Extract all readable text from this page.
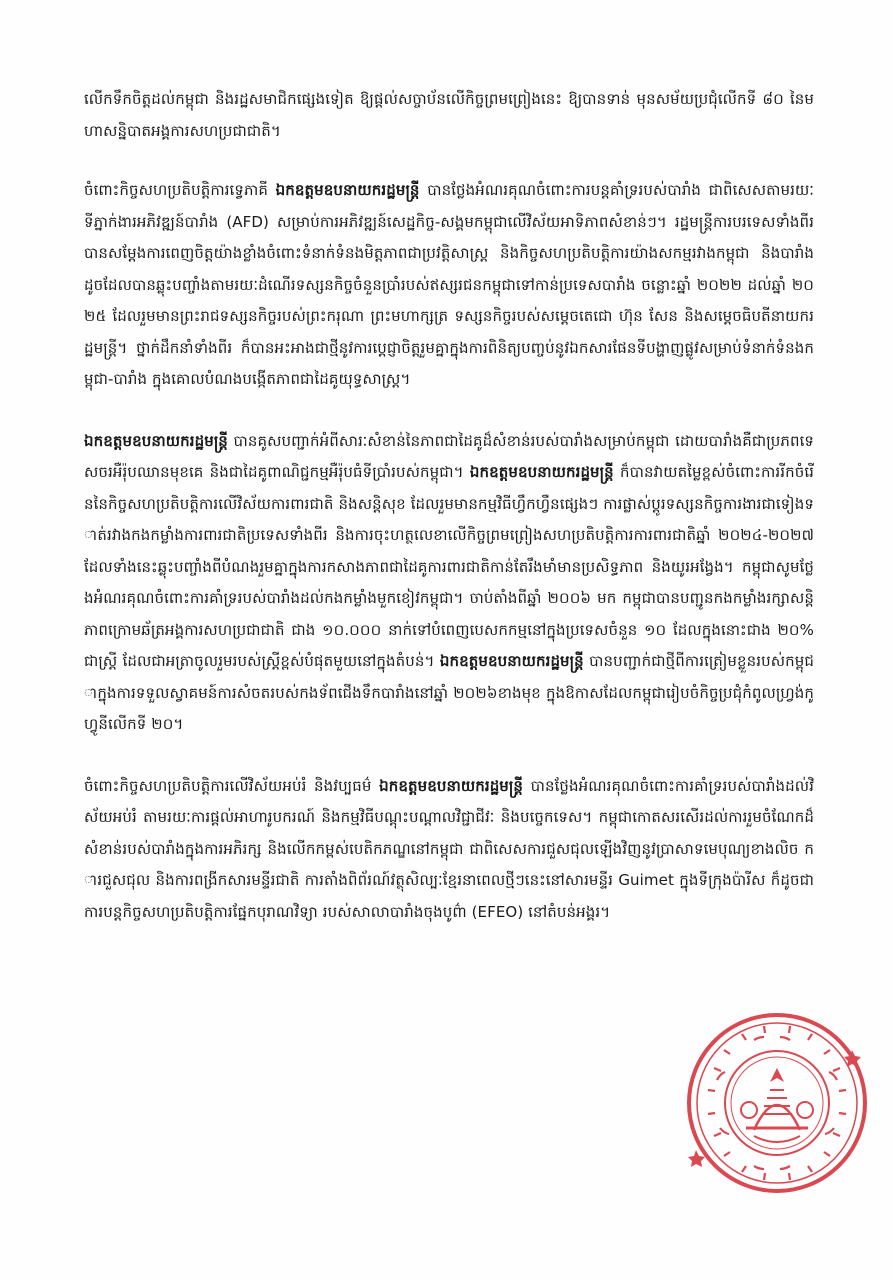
លើកទឹកចិត្តដល់កម្ពុជា និងរដ្ឋសមាជិកផ្សេងទៀត ឱ្យផ្ដល់សច្ចាប័នលើកិច្ចព្រមព្រៀងនេះ ឱ្យបានទាន់ មុនសម័យប្រជុំលើកទី ៨០ នៃមហាសន្និបាតអង្គការសហប្រជាជាតិ។

ចំពោះកិច្ចសហប្រតិបត្តិការទ្វេភាគី ឯកឧត្តមឧបនាយករដ្ឋមន្ត្រី បានថ្លែងអំណរគុណចំពោះការបន្តគាំទ្ររបស់បារាំង ជាពិសេសតាមរយៈទីភ្នាក់ងារអភិវឌ្ឍន៍បារាំង (AFD) សម្រាប់ការអភិវឌ្ឍន៍សេដ្ឋកិច្ច-សង្គមកម្ពុជាលើវិស័យអាទិភាពសំខាន់ៗ។ រដ្ឋមន្ត្រីការបរទេសទាំងពីរ បានសម្ដែងការពេញចិត្តយ៉ាងខ្លាំងចំពោះទំនាក់ទំនងមិត្តភាពជាប្រវត្តិសាស្ត្រ និងកិច្ចសហប្រតិបត្តិការយ៉ាងសកម្មរវាងកម្ពុជា និងបារាំង ដូចដែលបានឆ្លុះបញ្ចាំងតាមរយៈដំណើរទស្សនកិច្ចចំនួនប្រាំរបស់ឥស្សរជនកម្ពុជាទៅកាន់ប្រទេសបារាំង ចន្លោះឆ្នាំ ២០២២ ដល់ឆ្នាំ ២០២៥ ដែលរួមមានព្រះរាជទស្សនកិច្ចរបស់ព្រះករុណា ព្រះមហាក្សត្រ ទស្សនកិច្ចរបស់សម្ដេចតេជោ ហ៊ុន សែន និងសម្ដេចធិបតីនាយករដ្ឋមន្ត្រី។ ថ្នាក់ដឹកនាំទាំងពីរ ក៏បានអះអាងជាថ្មីនូវការប្ដេជ្ញាចិត្តរួមគ្នាក្នុងការពិនិត្យបញ្ចប់នូវឯកសារផែនទីបង្ហាញផ្លូវសម្រាប់ទំនាក់ទំនងកម្ពុជា-បារាំង ក្នុងគោលបំណងបង្កើតភាពជាដៃគូយុទ្ធសាស្ត្រ។

ឯកឧត្តមឧបនាយករដ្ឋមន្ត្រី បានគូសបញ្ជាក់អំពីសារៈសំខាន់នៃភាពជាដៃគូដ៏សំខាន់របស់បារាំងសម្រាប់កម្ពុជា ដោយបារាំងគឺជាប្រភពទេសចរអឺរ៉ុបឈានមុខគេ និងជាដៃគូពាណិជ្ជកម្មអឺរ៉ុបធំទីប្រាំរបស់កម្ពុជា។ ឯកឧត្តមឧបនាយករដ្ឋមន្ត្រី ក៏បានវាយតម្លៃខ្ពស់ចំពោះការរីកចំរើននៃកិច្ចសហប្រតិបត្តិការលើវិស័យការពារជាតិ និងសន្តិសុខ ដែលរួមមានកម្មវិធីហ្វឹកហ្វឺនផ្សេងៗ ការផ្លាស់ប្ដូរទស្សនកិច្ចការងារជាទៀងទាត់រវាងកងកម្លាំងការពារជាតិប្រទេសទាំងពីរ និងការចុះហត្ថលេខាលើកិច្ចព្រមព្រៀងសហប្រតិបត្តិការការពារជាតិឆ្នាំ ២០២៤-២០២៧ ដែលទាំងនេះឆ្លុះបញ្ចាំងពីបំណងរួមគ្នាក្នុងការកសាងភាពជាដៃគូការពារជាតិកាន់តែរឹងមាំមានប្រសិទ្ធភាព និងយូរអង្វែង។ កម្ពុជាសូមថ្លែងអំណរគុណចំពោះការគាំទ្ររបស់បារាំងដល់កងកម្លាំងមួកខៀវកម្ពុជា។ ចាប់តាំងពីឆ្នាំ ២០០៦ មក កម្ពុជាបានបញ្ជូនកងកម្លាំងរក្សាសន្តិភាពក្រោមឆ័ត្រអង្គការសហប្រជាជាតិ ជាង ១០.០០០ នាក់ទៅបំពេញបេសកកម្មនៅក្នុងប្រទេសចំនួន ១០ ដែលក្នុងនោះជាង ២០% ជាស្ត្រី ដែលជាអត្រាចូលរួមរបស់ស្ត្រីខ្ពស់បំផុតមួយនៅក្នុងតំបន់។ ឯកឧត្តមឧបនាយករដ្ឋមន្ត្រី បានបញ្ជាក់ជាថ្មីពីការត្រៀមខ្លួនរបស់កម្ពុជាក្នុងការទទួលស្វាគមន៍ការសំចតរបស់កងទ័ពជើងទឹកបារាំងនៅឆ្នាំ ២០២៦ខាងមុខ ក្នុងឱកាសដែលកម្ពុជារៀបចំកិច្ចប្រជុំកំពូលហ្វ្រង់កូហ្វូនីលើកទី ២០។

ចំពោះកិច្ចសហប្រតិបត្តិការលើវិស័យអប់រំ និងវប្បធម៌ ឯកឧត្តមឧបនាយករដ្ឋមន្ត្រី បានថ្លែងអំណរគុណចំពោះការគាំទ្ររបស់បារាំងដល់វិស័យអប់រំ តាមរយៈការផ្ដល់អាហារូបករណ៍ និងកម្មវិធីបណ្ដុះបណ្ដាលវិជ្ជាជីវៈ និងបច្ចេកទេស។ កម្ពុជាកោតសរសើរដល់ការរួមចំណែកដ៏សំខាន់របស់បារាំងក្នុងការអភិរក្ស និងលើកកម្ពស់បេតិកភណ្ឌនៅកម្ពុជា ជាពិសេសការជួសជុលឡើងវិញនូវប្រាសាទមេបុណ្យខាងលិច ការជួសជុល និងការពង្រីកសារមន្ទីរជាតិ ការតាំងពិព័រណ៍វត្ថុសិល្បៈខ្មែរនាពេលថ្មីៗនេះនៅសារមន្ទីរ Guimet ក្នុងទីក្រុងប៉ារីស ក៏ដូចជាការបន្តកិច្ចសហប្រតិបត្តិការផ្នែកបុរាណវិទ្យា របស់សាលាបារាំងចុងបូព៌ា (EFEO) នៅតំបន់អង្គរ។
